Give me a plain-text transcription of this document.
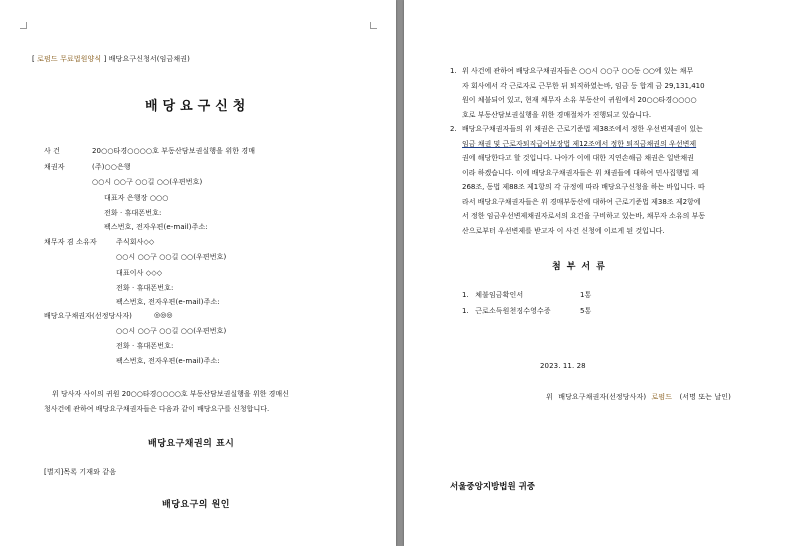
[ 로펌드 무료법원양식 ] 배당요구신청서(임금채권)
배당요구신청
사 건	20○○타경○○○○호 부동산담보권실행을 위한 경매
채권자	(주)○○은행
○○시 ○○구 ○○길 ○○(우편번호)
대표자 은행장 ○○○
전화 · 휴대폰번호:
팩스번호, 전자우편(e-mail)주소:
채무자 겸 소유자	주식회사◇◇
○○시 ○○구 ○○길 ○○(우편번호)
대표이사 ◇◇◇
전화 · 휴대폰번호:
팩스번호, 전자우편(e-mail)주소:
배당요구채권자(선정당사자)	◎◎◎
○○시 ○○구 ○○길 ○○(우편번호)
전화 · 휴대폰번호:
팩스번호, 전자우편(e-mail)주소:
위 당사자 사이의 귀원 20○○타경○○○○호 부동산담보권실행을 위한 경매신
청사건에 관하여 배당요구채권자들은 다음과 같이 배당요구를 신청합니다.
배당요구채권의 표시
[별지]목록 기재와 같음
배당요구의 원인
1. 위 사건에 관하여 배당요구채권자들은 ○○시 ○○구 ○○동 ○○에 있는 채무
자 회사에서 각 근로자로 근무한 뒤 퇴직하였는바, 임금 등 합계 금 29,131,410
원이 체불되어 있고, 현재 채무자 소유 부동산이 귀원에서 20○○타경○○○○
호로 부동산담보권실행을 위한 경매절차가 진행되고 있습니다.
2. 배당요구채권자들의 위 채권은 근로기준법 제38조에서 정한 우선변제권이 있는
임금 채권 및 근로자퇴직급여보장법 제12조에서 정한 퇴직금채권의 우선변제
권에 해당한다고 할 것입니다. 나아가 이에 대한 지연손해금 채권은 일반채권
이라 하겠습니다. 이에 배당요구채권자들은 위 채권들에 대하여 민사집행법 제
268조, 동법 제88조 제1항의 각 규정에 따라 배당요구신청을 하는 바입니다. 따
라서 배당요구채권자들은 위 경매부동산에 대하여 근로기준법 제38조 제2항에
서 정한 임금우선변제채권자로서의 요건을 구비하고 있는바, 채무자 소유의 부동
산으로부터 우선변제를 받고자 이 사건 신청에 이르게 된 것입니다.
첨부서류
1. 체불임금확인서	1통
1. 근로소득원천징수영수증	5통
2023. 11. 28
위 배당요구채권자(선정당사자) 로펌드 (서명 또는 날인)
서울중앙지방법원 귀중
